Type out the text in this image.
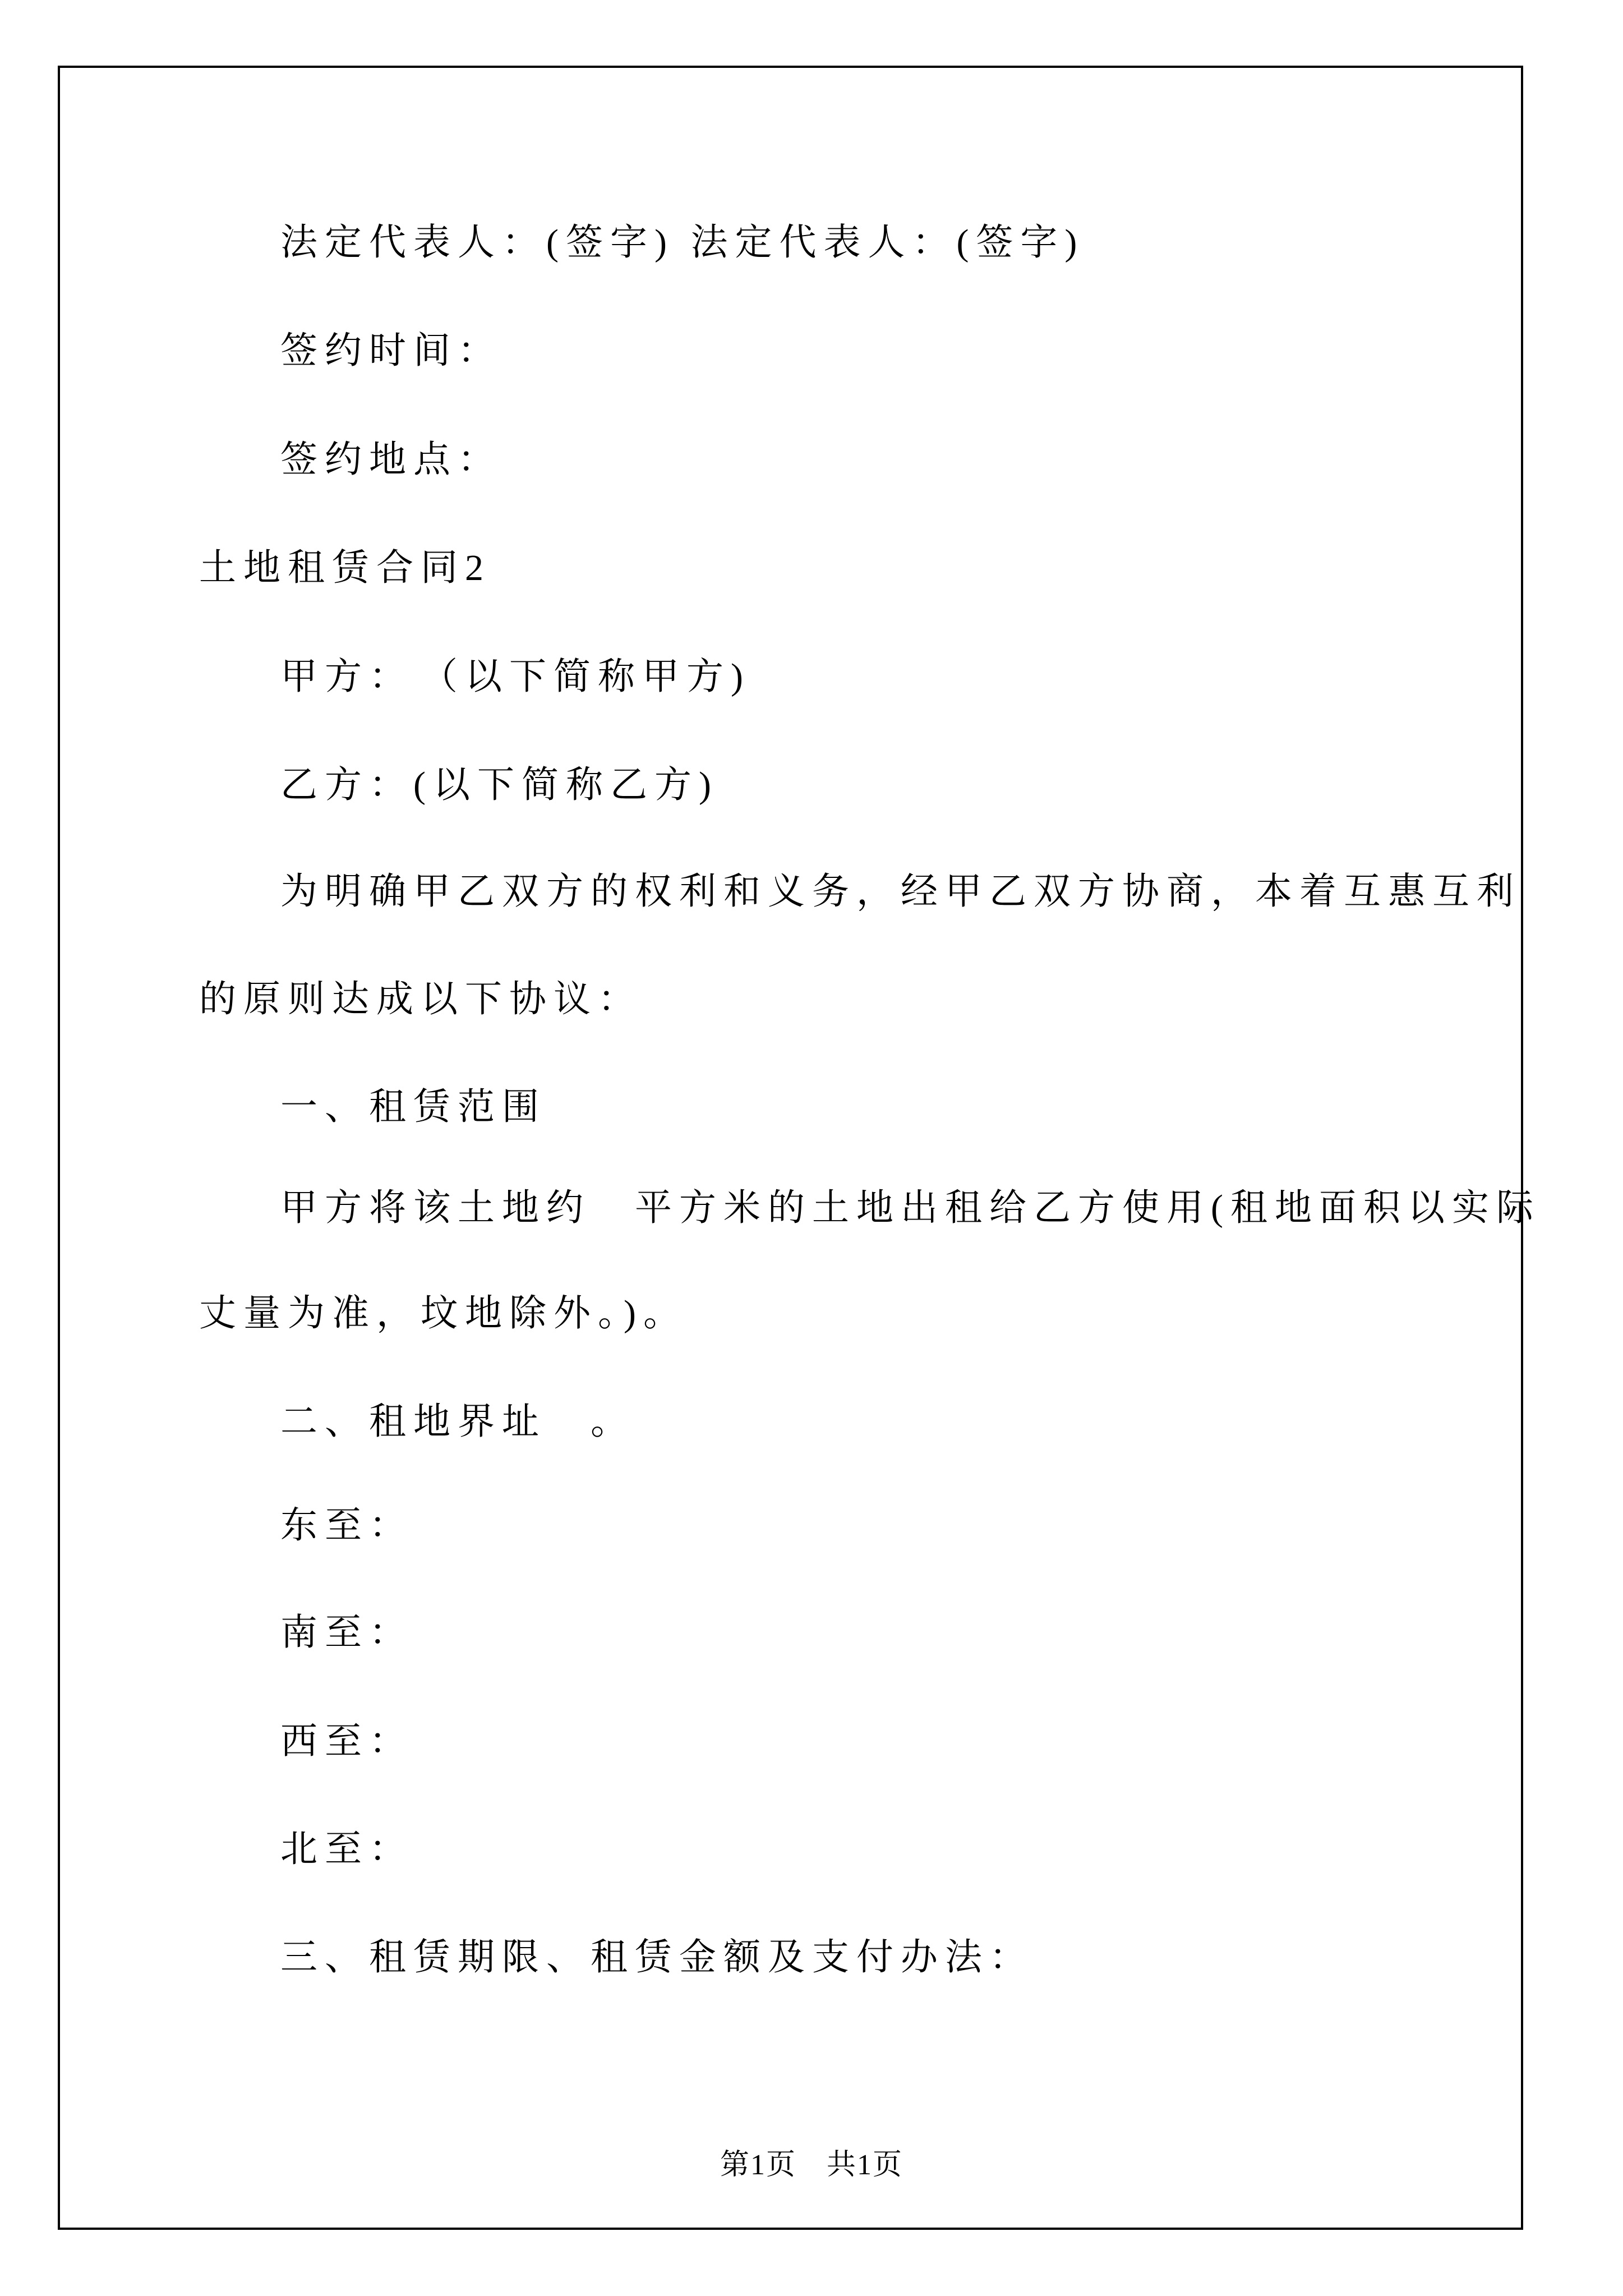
法定代表人：(签字) 法定代表人：(签字)
签约时间：
签约地点：
土地租赁合同2
甲方：　（以下简称甲方)
乙方：(以下简称乙方)
为明确甲乙双方的权利和义务，经甲乙双方协商，本着互惠互利
的原则达成以下协议：
一、租赁范围
甲方将该土地约　平方米的土地出租给乙方使用(租地面积以实际
丈量为准，坟地除外。)。
二、租地界址　。
东至：
南至：
西至：
北至：
三、租赁期限、租赁金额及支付办法：
第1页　共1页
